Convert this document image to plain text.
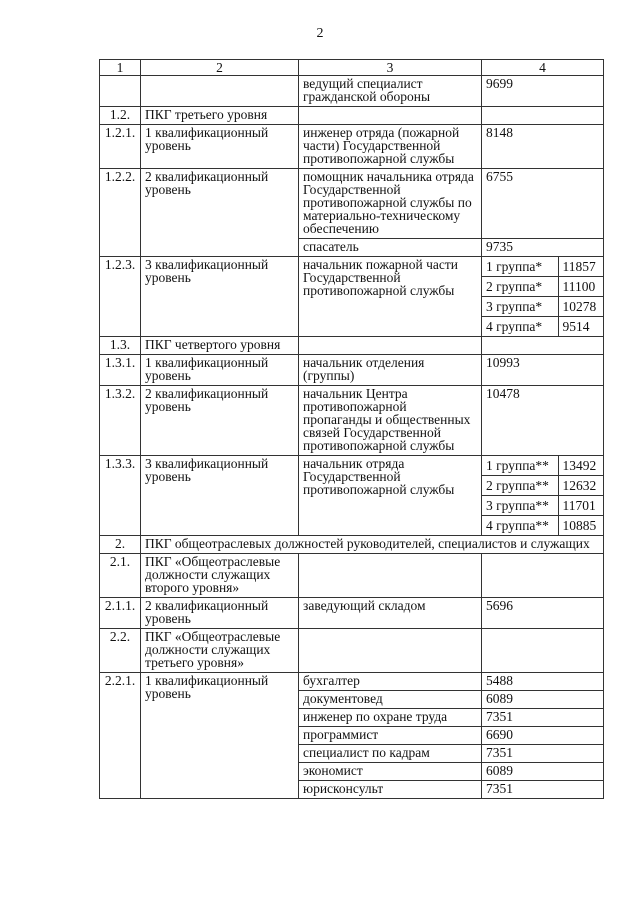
2
1	2	3	4
		ведущий специалист гражданской обороны	9699
1.2.	ПКГ третьего уровня		
1.2.1.	1 квалификационный уровень	инженер отряда (пожарной части) Государственной противопожарной службы	8148
1.2.2.	2 квалификационный уровень	помощник начальника отряда Государственной противопожарной службы по материально-техническому обеспечению	6755
спасатель	9735
1.2.3.	3 квалификационный уровень	начальник пожарной части Государственной противопожарной службы	
1 группа*	11857
2 группа*	11100
3 группа*	10278
4 группа*	9514

1.3.	ПКГ четвертого уровня		
1.3.1.	1 квалификационный уровень	начальник отделения (группы)	10993
1.3.2.	2 квалификационный уровень	начальник Центра противопожарной пропаганды и общественных связей Государственной противопожарной службы	10478
1.3.3.	3 квалификационный уровень	начальник отряда Государственной противопожарной службы	
1 группа**	13492
2 группа**	12632
3 группа**	11701
4 группа**	10885

2.	ПКГ общеотраслевых должностей руководителей, специалистов и служащих
2.1.	ПКГ «Общеотраслевые должности служащих второго уровня»		
2.1.1.	2 квалификационный уровень	заведующий складом	5696
2.2.	ПКГ «Общеотраслевые должности служащих третьего уровня»		
2.2.1.	1 квалификационный уровень	бухгалтер	5488
документовед	6089
инженер по охране труда	7351
программист	6690
специалист по кадрам	7351
экономист	6089
юрисконсульт	7351
